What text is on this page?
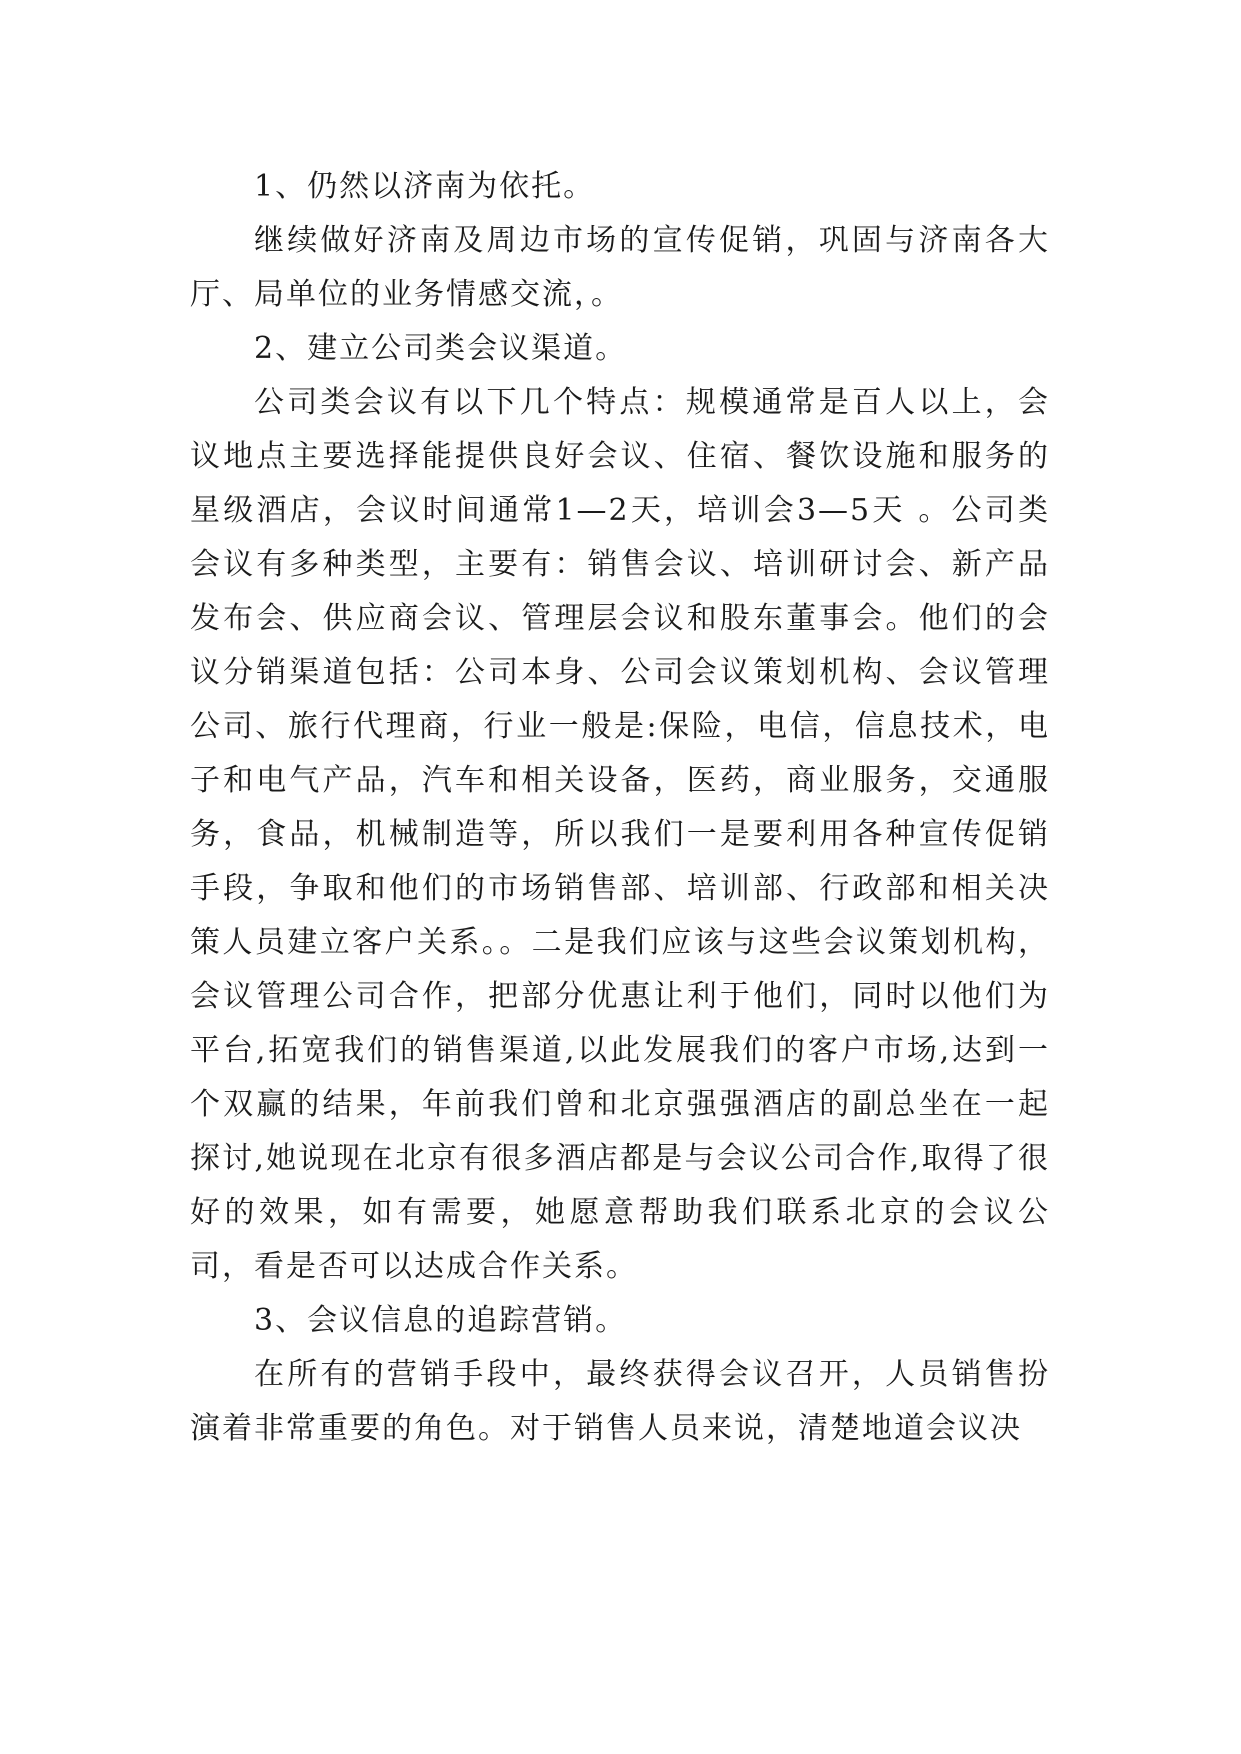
1、仍然以济南为依托。

继续做好济南及周边市场的宣传促销，巩固与济南各大厅、局单位的业务情感交流，。

2、建立公司类会议渠道。

公司类会议有以下几个特点：规模通常是百人以上，会议地点主要选择能提供良好会议、住宿、餐饮设施和服务的星级酒店，会议时间通常1—2天，培训会3—5天 。公司类会议有多种类型，主要有：销售会议、培训研讨会、新产品发布会、供应商会议、管理层会议和股东董事会。他们的会议分销渠道包括：公司本身、公司会议策划机构、会议管理公司、旅行代理商，行业一般是:保险，电信，信息技术，电子和电气产品，汽车和相关设备，医药，商业服务，交通服务，食品，机械制造等，所以我们一是要利用各种宣传促销手段，争取和他们的市场销售部、培训部、行政部和相关决策人员建立客户关系。。二是我们应该与这些会议策划机构，会议管理公司合作，把部分优惠让利于他们，同时以他们为平台,拓宽我们的销售渠道,以此发展我们的客户市场,达到一个双赢的结果，年前我们曾和北京强强酒店的副总坐在一起探讨,她说现在北京有很多酒店都是与会议公司合作,取得了很好的效果，如有需要，她愿意帮助我们联系北京的会议公司，看是否可以达成合作关系。

3、会议信息的追踪营销。

在所有的营销手段中，最终获得会议召开，人员销售扮演着非常重要的角色。对于销售人员来说，清楚地道会议决
